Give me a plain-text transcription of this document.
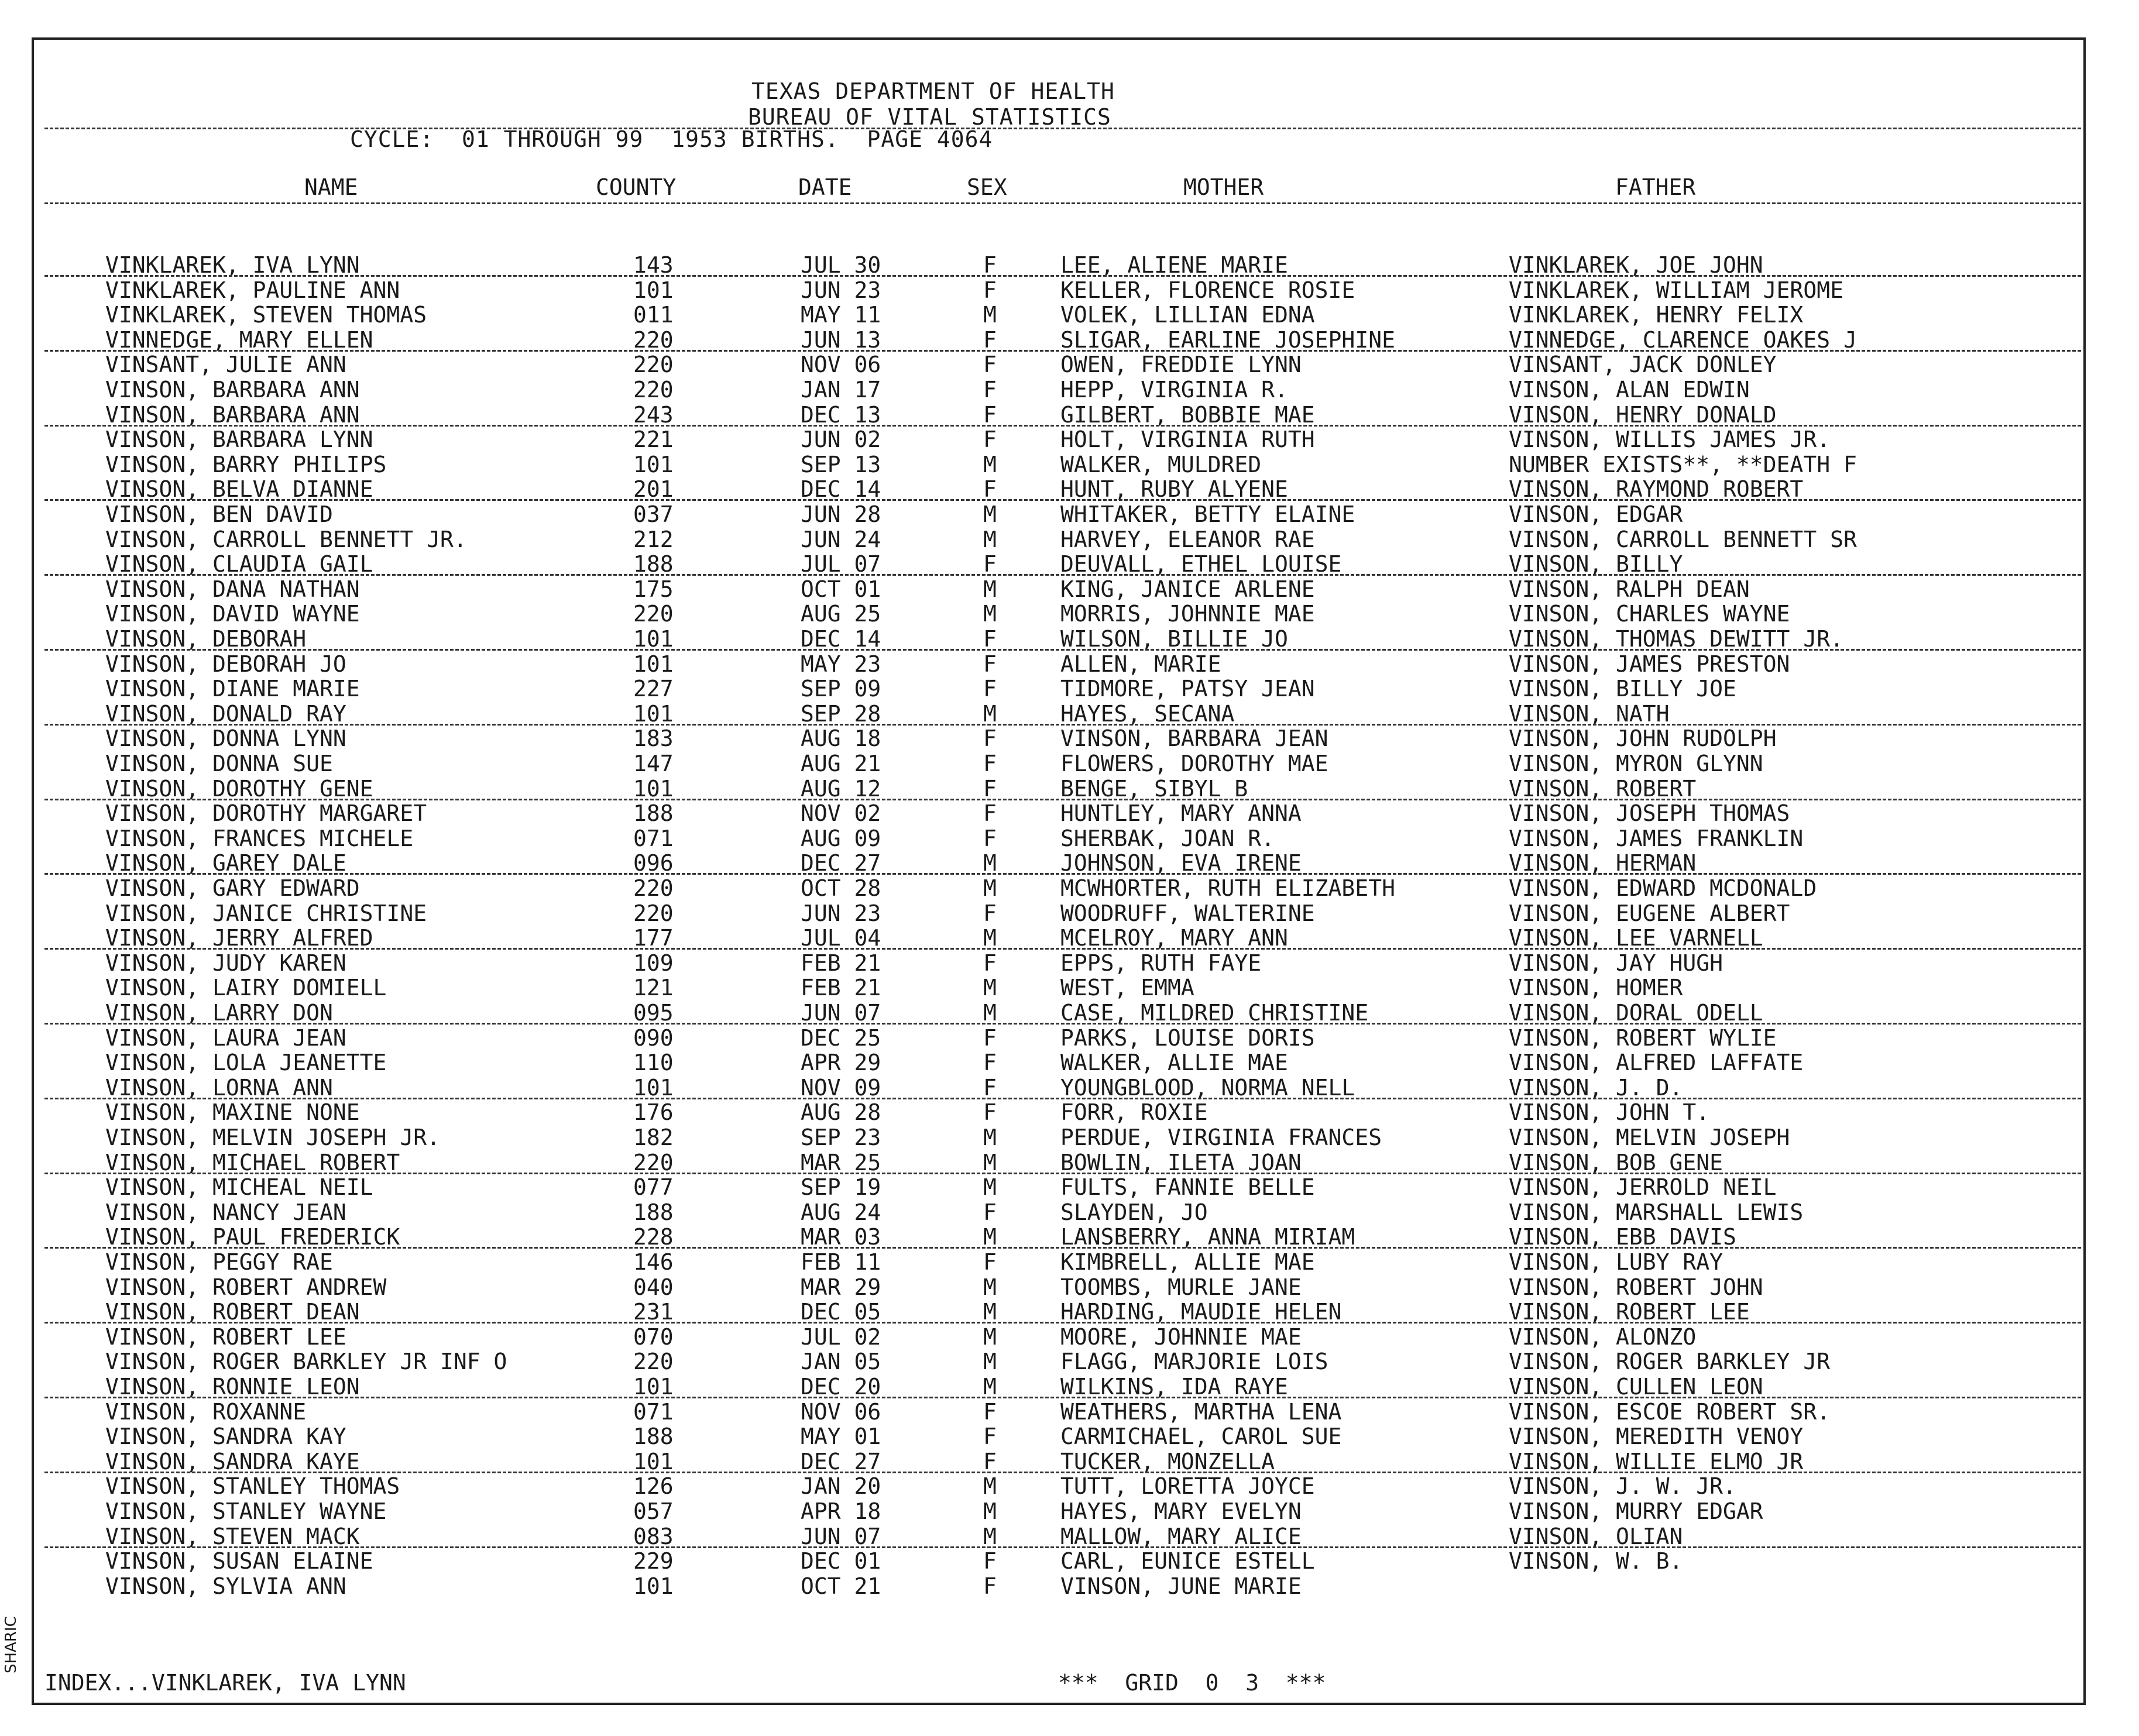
TEXAS DEPARTMENT OF HEALTH
BUREAU OF VITAL STATISTICS
CYCLE:  01 THROUGH 99  1953 BIRTHS.  PAGE 4064
NAME	COUNTY	DATE	SEX	MOTHER	FATHER
VINKLAREK, IVA LYNN	143	JUL 30	F	LEE, ALIENE MARIE	VINKLAREK, JOE JOHN
VINKLAREK, PAULINE ANN	101	JUN 23	F	KELLER, FLORENCE ROSIE	VINKLAREK, WILLIAM JEROME
VINKLAREK, STEVEN THOMAS	011	MAY 11	M	VOLEK, LILLIAN EDNA	VINKLAREK, HENRY FELIX
VINNEDGE, MARY ELLEN	220	JUN 13	F	SLIGAR, EARLINE JOSEPHINE	VINNEDGE, CLARENCE OAKES J
VINSANT, JULIE ANN	220	NOV 06	F	OWEN, FREDDIE LYNN	VINSANT, JACK DONLEY
VINSON, BARBARA ANN	220	JAN 17	F	HEPP, VIRGINIA R.	VINSON, ALAN EDWIN
VINSON, BARBARA ANN	243	DEC 13	F	GILBERT, BOBBIE MAE	VINSON, HENRY DONALD
VINSON, BARBARA LYNN	221	JUN 02	F	HOLT, VIRGINIA RUTH	VINSON, WILLIS JAMES JR.
VINSON, BARRY PHILIPS	101	SEP 13	M	WALKER, MULDRED	NUMBER EXISTS**, **DEATH F
VINSON, BELVA DIANNE	201	DEC 14	F	HUNT, RUBY ALYENE	VINSON, RAYMOND ROBERT
VINSON, BEN DAVID	037	JUN 28	M	WHITAKER, BETTY ELAINE	VINSON, EDGAR
VINSON, CARROLL BENNETT JR.	212	JUN 24	M	HARVEY, ELEANOR RAE	VINSON, CARROLL BENNETT SR
VINSON, CLAUDIA GAIL	188	JUL 07	F	DEUVALL, ETHEL LOUISE	VINSON, BILLY
VINSON, DANA NATHAN	175	OCT 01	M	KING, JANICE ARLENE	VINSON, RALPH DEAN
VINSON, DAVID WAYNE	220	AUG 25	M	MORRIS, JOHNNIE MAE	VINSON, CHARLES WAYNE
VINSON, DEBORAH	101	DEC 14	F	WILSON, BILLIE JO	VINSON, THOMAS DEWITT JR.
VINSON, DEBORAH JO	101	MAY 23	F	ALLEN, MARIE	VINSON, JAMES PRESTON
VINSON, DIANE MARIE	227	SEP 09	F	TIDMORE, PATSY JEAN	VINSON, BILLY JOE
VINSON, DONALD RAY	101	SEP 28	M	HAYES, SECANA	VINSON, NATH
VINSON, DONNA LYNN	183	AUG 18	F	VINSON, BARBARA JEAN	VINSON, JOHN RUDOLPH
VINSON, DONNA SUE	147	AUG 21	F	FLOWERS, DOROTHY MAE	VINSON, MYRON GLYNN
VINSON, DOROTHY GENE	101	AUG 12	F	BENGE, SIBYL B	VINSON, ROBERT
VINSON, DOROTHY MARGARET	188	NOV 02	F	HUNTLEY, MARY ANNA	VINSON, JOSEPH THOMAS
VINSON, FRANCES MICHELE	071	AUG 09	F	SHERBAK, JOAN R.	VINSON, JAMES FRANKLIN
VINSON, GAREY DALE	096	DEC 27	M	JOHNSON, EVA IRENE	VINSON, HERMAN
VINSON, GARY EDWARD	220	OCT 28	M	MCWHORTER, RUTH ELIZABETH	VINSON, EDWARD MCDONALD
VINSON, JANICE CHRISTINE	220	JUN 23	F	WOODRUFF, WALTERINE	VINSON, EUGENE ALBERT
VINSON, JERRY ALFRED	177	JUL 04	M	MCELROY, MARY ANN	VINSON, LEE VARNELL
VINSON, JUDY KAREN	109	FEB 21	F	EPPS, RUTH FAYE	VINSON, JAY HUGH
VINSON, LAIRY DOMIELL	121	FEB 21	M	WEST, EMMA	VINSON, HOMER
VINSON, LARRY DON	095	JUN 07	M	CASE, MILDRED CHRISTINE	VINSON, DORAL ODELL
VINSON, LAURA JEAN	090	DEC 25	F	PARKS, LOUISE DORIS	VINSON, ROBERT WYLIE
VINSON, LOLA JEANETTE	110	APR 29	F	WALKER, ALLIE MAE	VINSON, ALFRED LAFFATE
VINSON, LORNA ANN	101	NOV 09	F	YOUNGBLOOD, NORMA NELL	VINSON, J. D.
VINSON, MAXINE NONE	176	AUG 28	F	FORR, ROXIE	VINSON, JOHN T.
VINSON, MELVIN JOSEPH JR.	182	SEP 23	M	PERDUE, VIRGINIA FRANCES	VINSON, MELVIN JOSEPH
VINSON, MICHAEL ROBERT	220	MAR 25	M	BOWLIN, ILETA JOAN	VINSON, BOB GENE
VINSON, MICHEAL NEIL	077	SEP 19	M	FULTS, FANNIE BELLE	VINSON, JERROLD NEIL
VINSON, NANCY JEAN	188	AUG 24	F	SLAYDEN, JO	VINSON, MARSHALL LEWIS
VINSON, PAUL FREDERICK	228	MAR 03	M	LANSBERRY, ANNA MIRIAM	VINSON, EBB DAVIS
VINSON, PEGGY RAE	146	FEB 11	F	KIMBRELL, ALLIE MAE	VINSON, LUBY RAY
VINSON, ROBERT ANDREW	040	MAR 29	M	TOOMBS, MURLE JANE	VINSON, ROBERT JOHN
VINSON, ROBERT DEAN	231	DEC 05	M	HARDING, MAUDIE HELEN	VINSON, ROBERT LEE
VINSON, ROBERT LEE	070	JUL 02	M	MOORE, JOHNNIE MAE	VINSON, ALONZO
VINSON, ROGER BARKLEY JR INF O	220	JAN 05	M	FLAGG, MARJORIE LOIS	VINSON, ROGER BARKLEY JR
VINSON, RONNIE LEON	101	DEC 20	M	WILKINS, IDA RAYE	VINSON, CULLEN LEON
VINSON, ROXANNE	071	NOV 06	F	WEATHERS, MARTHA LENA	VINSON, ESCOE ROBERT SR.
VINSON, SANDRA KAY	188	MAY 01	F	CARMICHAEL, CAROL SUE	VINSON, MEREDITH VENOY
VINSON, SANDRA KAYE	101	DEC 27	F	TUCKER, MONZELLA	VINSON, WILLIE ELMO JR
VINSON, STANLEY THOMAS	126	JAN 20	M	TUTT, LORETTA JOYCE	VINSON, J. W. JR.
VINSON, STANLEY WAYNE	057	APR 18	M	HAYES, MARY EVELYN	VINSON, MURRY EDGAR
VINSON, STEVEN MACK	083	JUN 07	M	MALLOW, MARY ALICE	VINSON, OLIAN
VINSON, SUSAN ELAINE	229	DEC 01	F	CARL, EUNICE ESTELL	VINSON, W. B.
VINSON, SYLVIA ANN	101	OCT 21	F	VINSON, JUNE MARIE
INDEX...VINKLAREK, IVA LYNN	***  GRID  0  3  ***
SHARIC
